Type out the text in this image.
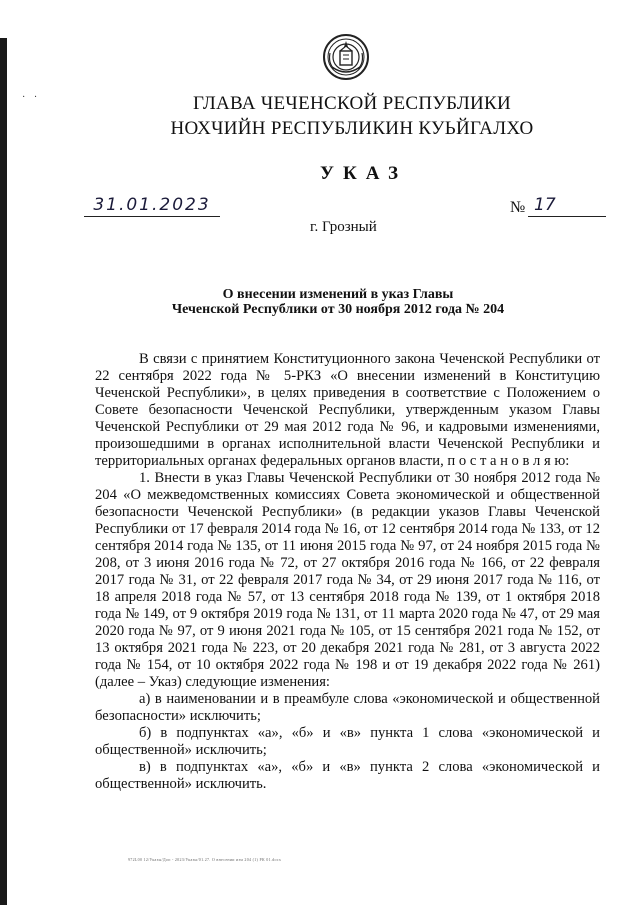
· ·	ГЛАВА ЧЕЧЕНСКОЙ РЕСПУБЛИКИ
НОХЧИЙН РЕСПУБЛИКИН КУЬЙГАЛХО
УКАЗ
31.01.2023	№ 17
г. Грозный
О внесении изменений в указ Главы
Чеченской Республики от 30 ноября 2012 года № 204

В связи с принятием Конституционного закона Чеченской Республики от 22 сентября 2022 года № 5-РКЗ «О внесении изменений в Конституцию Чеченской Республики», в целях приведения в соответствие с Положением о Совете безопасности Чеченской Республики, утвержденным указом Главы Чеченской Республики от 29 мая 2012 года № 96, и кадровыми изменениями, произошедшими в органах исполнительной власти Чеченской Республики и территориальных органах федеральных органов власти, п о с т а н о в л я ю:

1. Внести в указ Главы Чеченской Республики от 30 ноября 2012 года № 204 «О межведомственных комиссиях Совета экономической и общественной безопасности Чеченской Республики» (в редакции указов Главы Чеченской Республики от 17 февраля 2014 года № 16, от 12 сентября 2014 года № 133, от 12 сентября 2014 года № 135, от 11 июня 2015 года № 97, от 24 ноября 2015 года № 208, от 3 июня 2016 года № 72, от 27 октября 2016 года № 166, от 22 февраля 2017 года № 31, от 22 февраля 2017 года № 34, от 29 июня 2017 года № 116, от 18 апреля 2018 года № 57, от 13 сентября 2018 года № 139, от 1 октября 2018 года № 149, от 9 октября 2019 года № 131, от 11 марта 2020 года № 47, от 29 мая 2020 года № 97, от 9 июня 2021 года № 105, от 15 сентября 2021 года № 152, от 13 октября 2021 года № 223, от 20 декабря 2021 года № 281, от 3 августа 2022 года № 154, от 10 октября 2022 года № 198 и от 19 декабря 2022 года № 261) (далее – Указ) следующие изменения:

а) в наименовании и в преамбуле слова «экономической и общественной безопасности» исключить;

б) в подпунктах «а», «б» и «в» пункта 1 слова «экономической и общественной» исключить;

в) в подпунктах «а», «б» и «в» пункта 2 слова «экономической и общественной» исключить.

972L00 12/Указы/Доп - 2023/Указы/01.27. О внесении изм 204 (1) РК 01.docx
